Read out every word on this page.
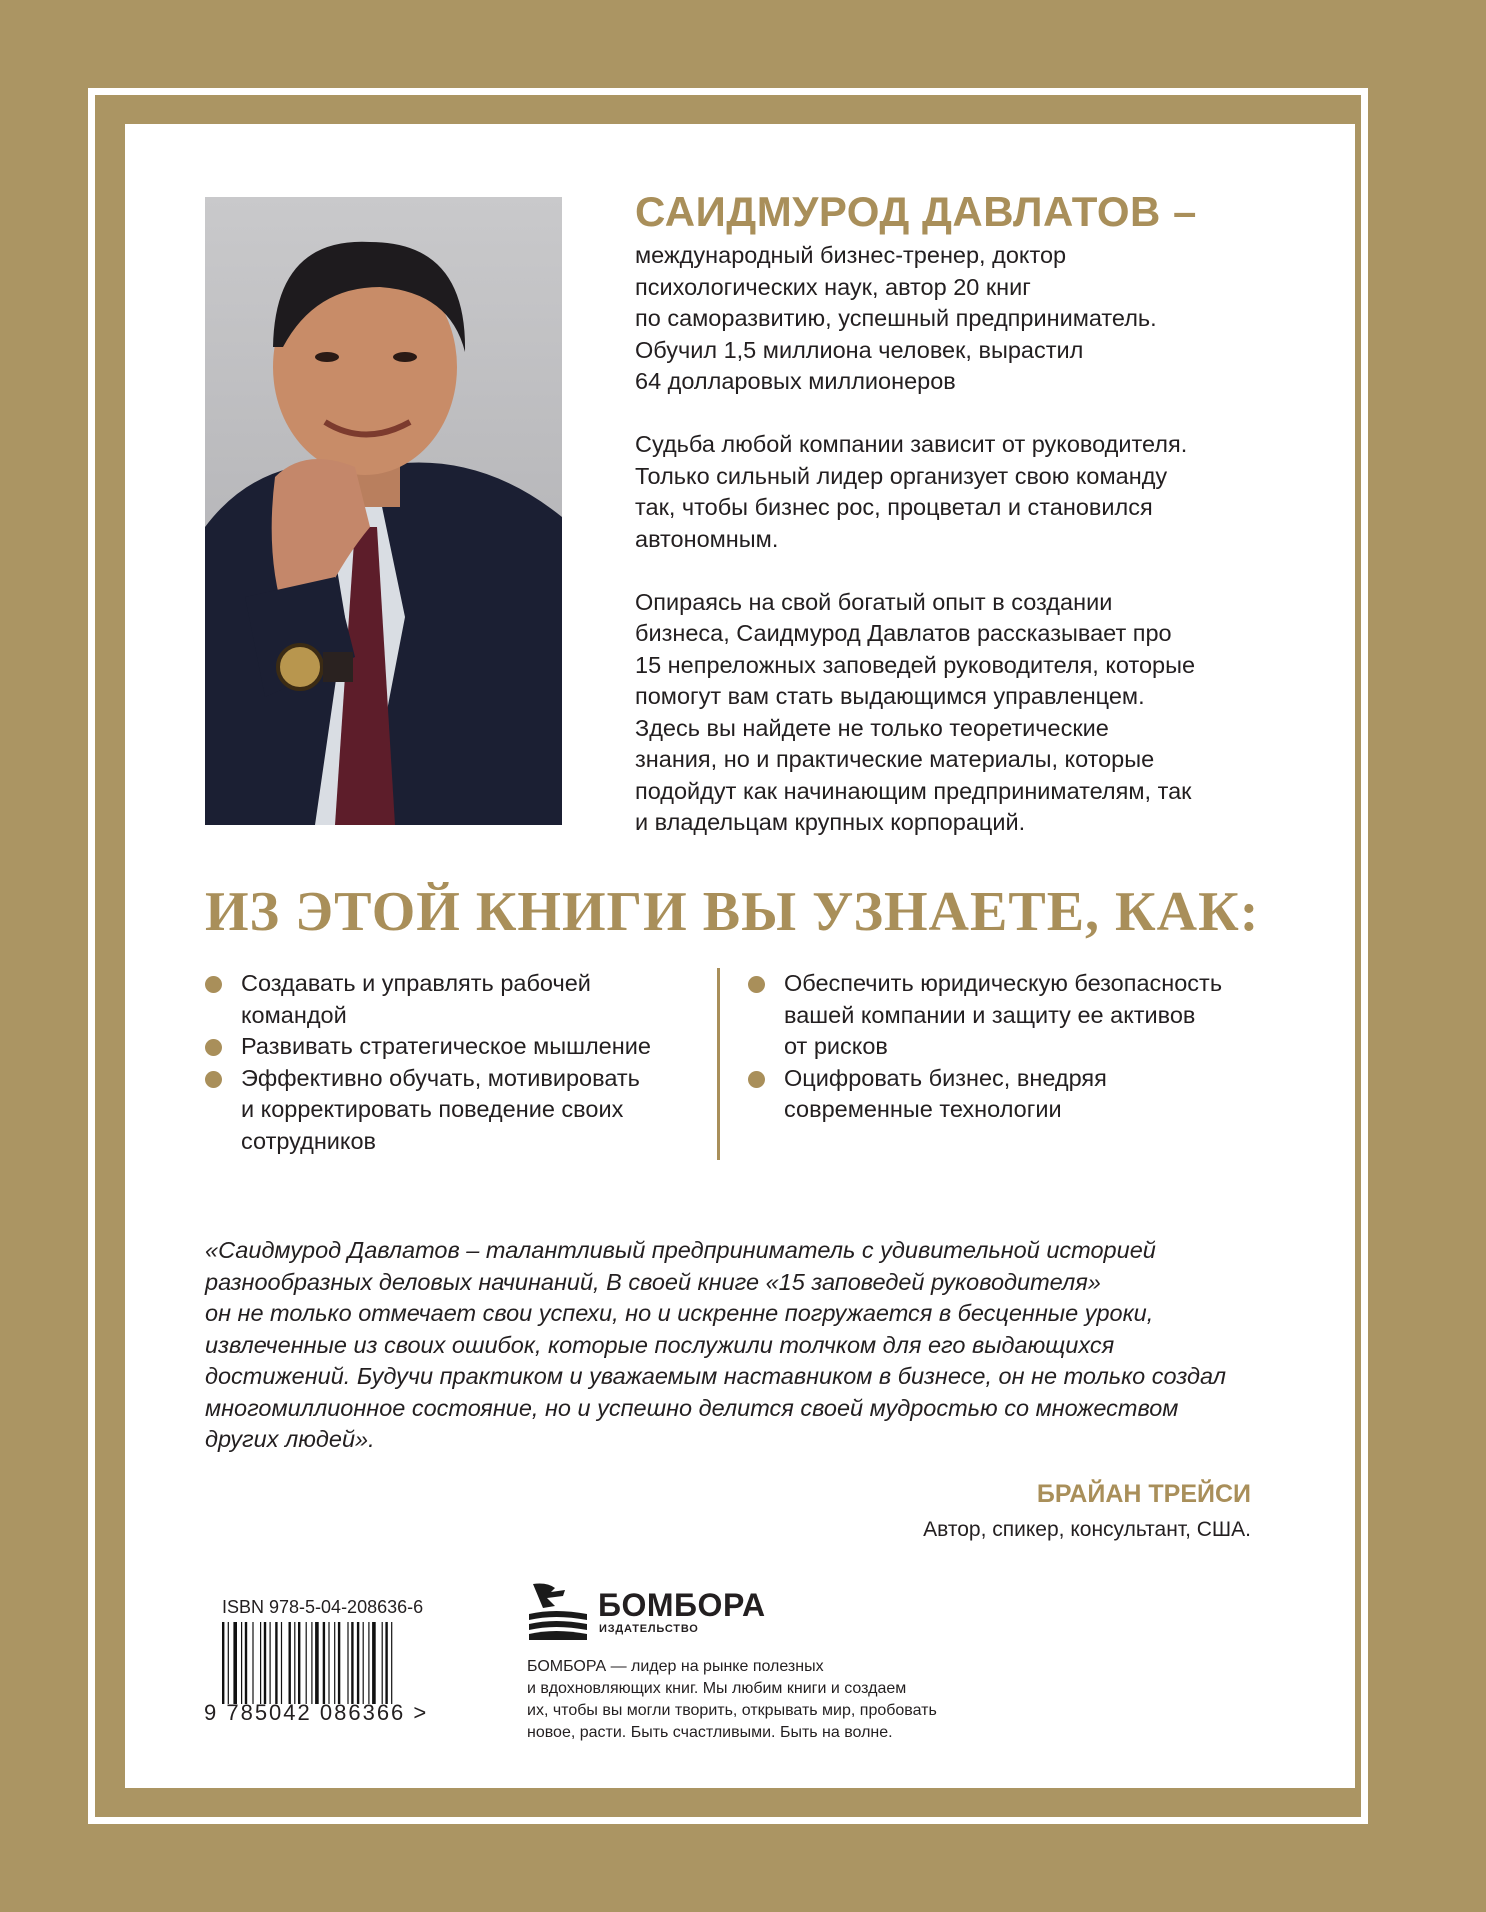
САИДМУРОД ДАВЛАТОВ –

международный бизнес-тренер, доктор
психологических наук, автор 20 книг
по саморазвитию, успешный предприниматель.
Обучил 1,5 миллиона человек, вырастил
64 долларовых миллионеров

Судьба любой компании зависит от руководителя.
Только сильный лидер организует свою команду
так, чтобы бизнес рос, процветал и становился
автономным.

Опираясь на свой богатый опыт в создании
бизнеса, Саидмурод Давлатов рассказывает про
15 непреложных заповедей руководителя, которые
помогут вам стать выдающимся управленцем.
Здесь вы найдете не только теоретические
знания, но и практические материалы, которые
подойдут как начинающим предпринимателям, так
и владельцам крупных корпораций.

ИЗ ЭТОЙ КНИГИ ВЫ УЗНАЕТЕ, КАК:
Создавать и управлять рабочей
командой
Развивать стратегическое мышление
Эффективно обучать, мотивировать
и корректировать поведение своих
сотрудников
Обеспечить юридическую безопасность
вашей компании и защиту ее активов
от рисков
Оцифровать бизнес, внедряя
современные технологии
«Саидмурод Давлатов – талантливый предприниматель с удивительной историей
разнообразных деловых начинаний, В своей книге «15 заповедей руководителя»
он не только отмечает свои успехи, но и искренне погружается в бесценные уроки,
извлеченные из своих ошибок, которые послужили толчком для его выдающихся
достижений. Будучи практиком и уважаемым наставником в бизнесе, он не только создал
многомиллионное состояние, но и успешно делится своей мудростью со множеством
других людей».
БРАЙАН ТРЕЙСИ
Автор, спикер, консультант, США.
ISBN 978-5-04-208636-6
9 785042 086366 >
БОМБОРА
ИЗДАТЕЛЬСТВО
БОМБОРА — лидер на рынке полезных
и вдохновляющих книг. Мы любим книги и создаем
их, чтобы вы могли творить, открывать мир, пробовать
новое, расти. Быть счастливыми. Быть на волне.
